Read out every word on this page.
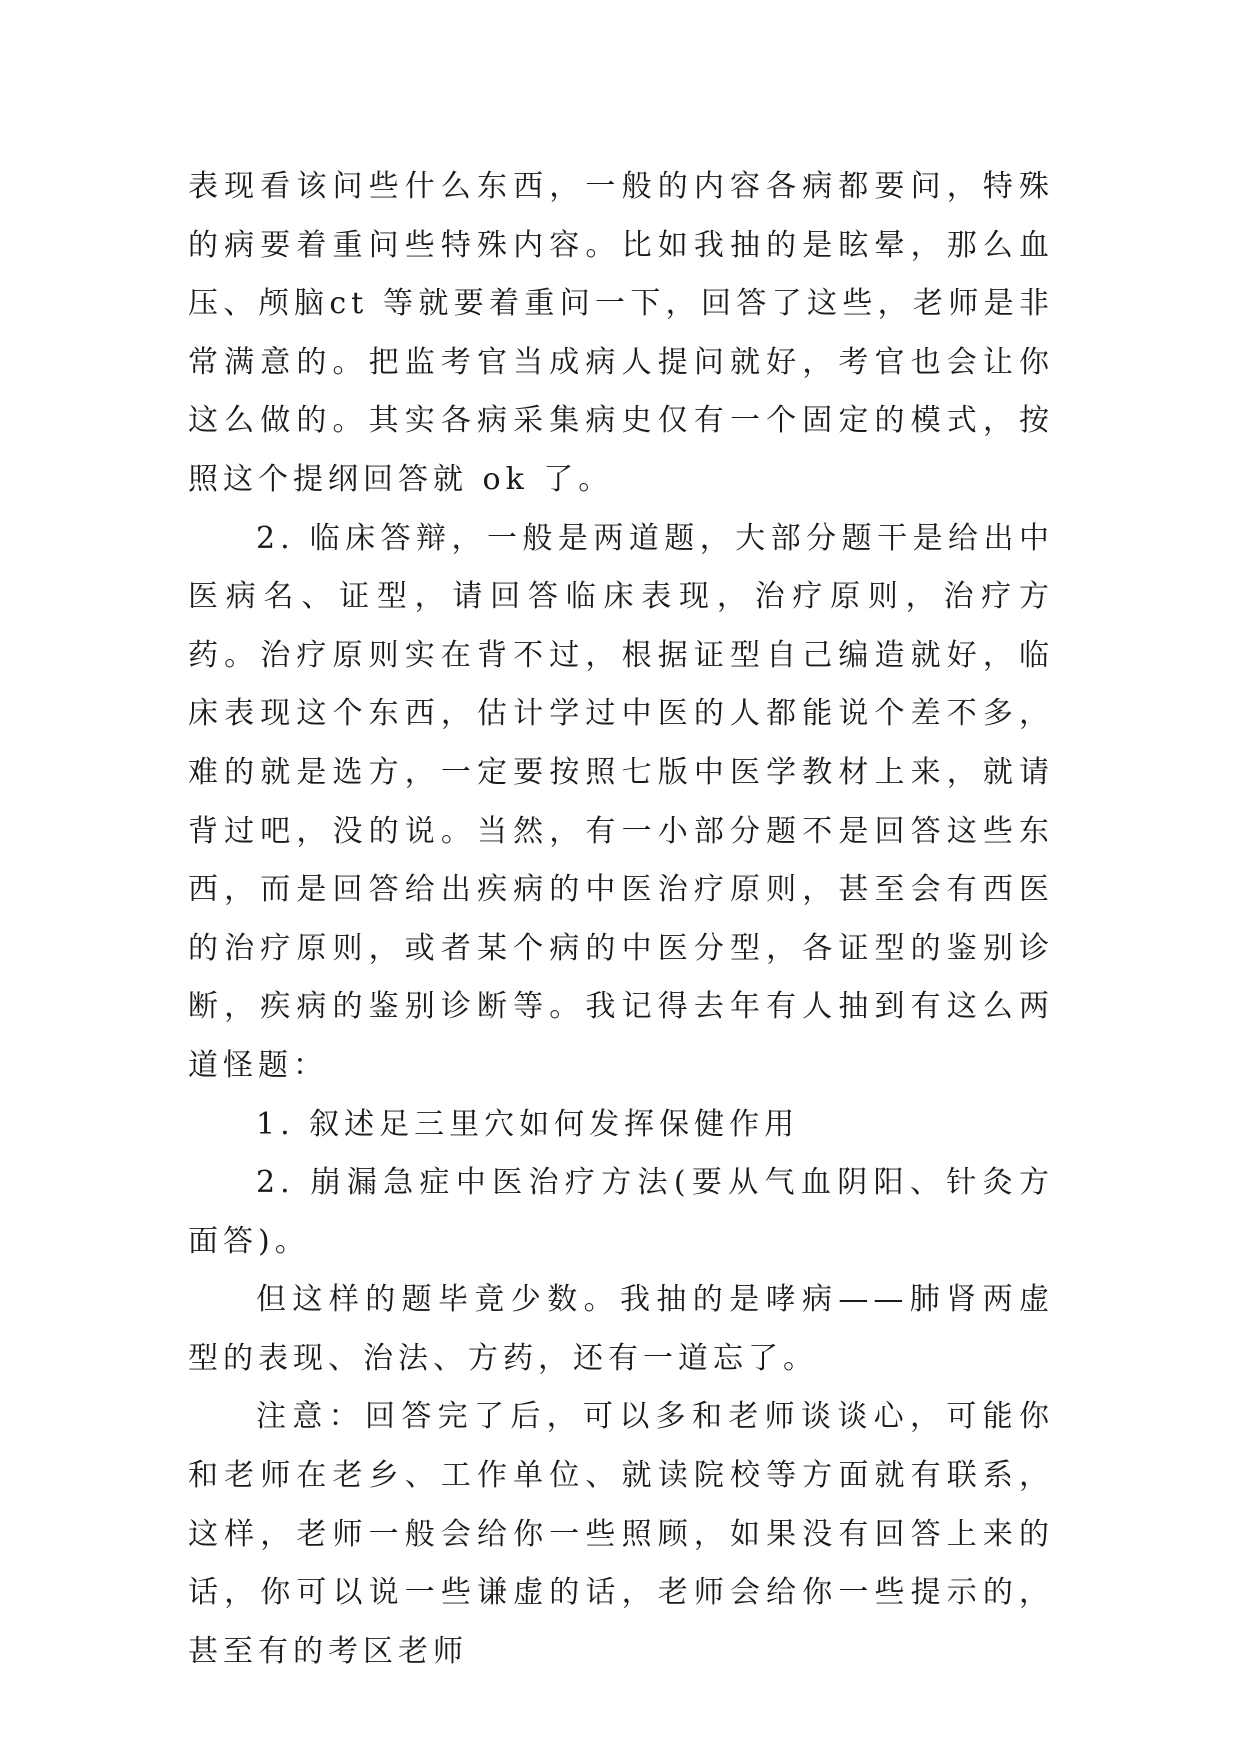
表现看该问些什么东西，一般的内容各病都要问，特殊的病要着重问些特殊内容。比如我抽的是眩晕，那么血压、颅脑ct 等就要着重问一下，回答了这些，老师是非常满意的。把监考官当成病人提问就好，考官也会让你这么做的。其实各病采集病史仅有一个固定的模式，按照这个提纲回答就 ok 了。

2. 临床答辩，一般是两道题，大部分题干是给出中医病名、证型，请回答临床表现，治疗原则，治疗方药。治疗原则实在背不过，根据证型自己编造就好，临床表现这个东西，估计学过中医的人都能说个差不多，难的就是选方，一定要按照七版中医学教材上来，就请背过吧，没的说。当然，有一小部分题不是回答这些东西，而是回答给出疾病的中医治疗原则，甚至会有西医的治疗原则，或者某个病的中医分型，各证型的鉴别诊断，疾病的鉴别诊断等。我记得去年有人抽到有这么两道怪题：

1. 叙述足三里穴如何发挥保健作用

2. 崩漏急症中医治疗方法(要从气血阴阳、针灸方面答)。

但这样的题毕竟少数。我抽的是哮病——肺肾两虚型的表现、治法、方药，还有一道忘了。

注意：回答完了后，可以多和老师谈谈心，可能你和老师在老乡、工作单位、就读院校等方面就有联系，这样，老师一般会给你一些照顾，如果没有回答上来的话，你可以说一些谦虚的话，老师会给你一些提示的，甚至有的考区老师
